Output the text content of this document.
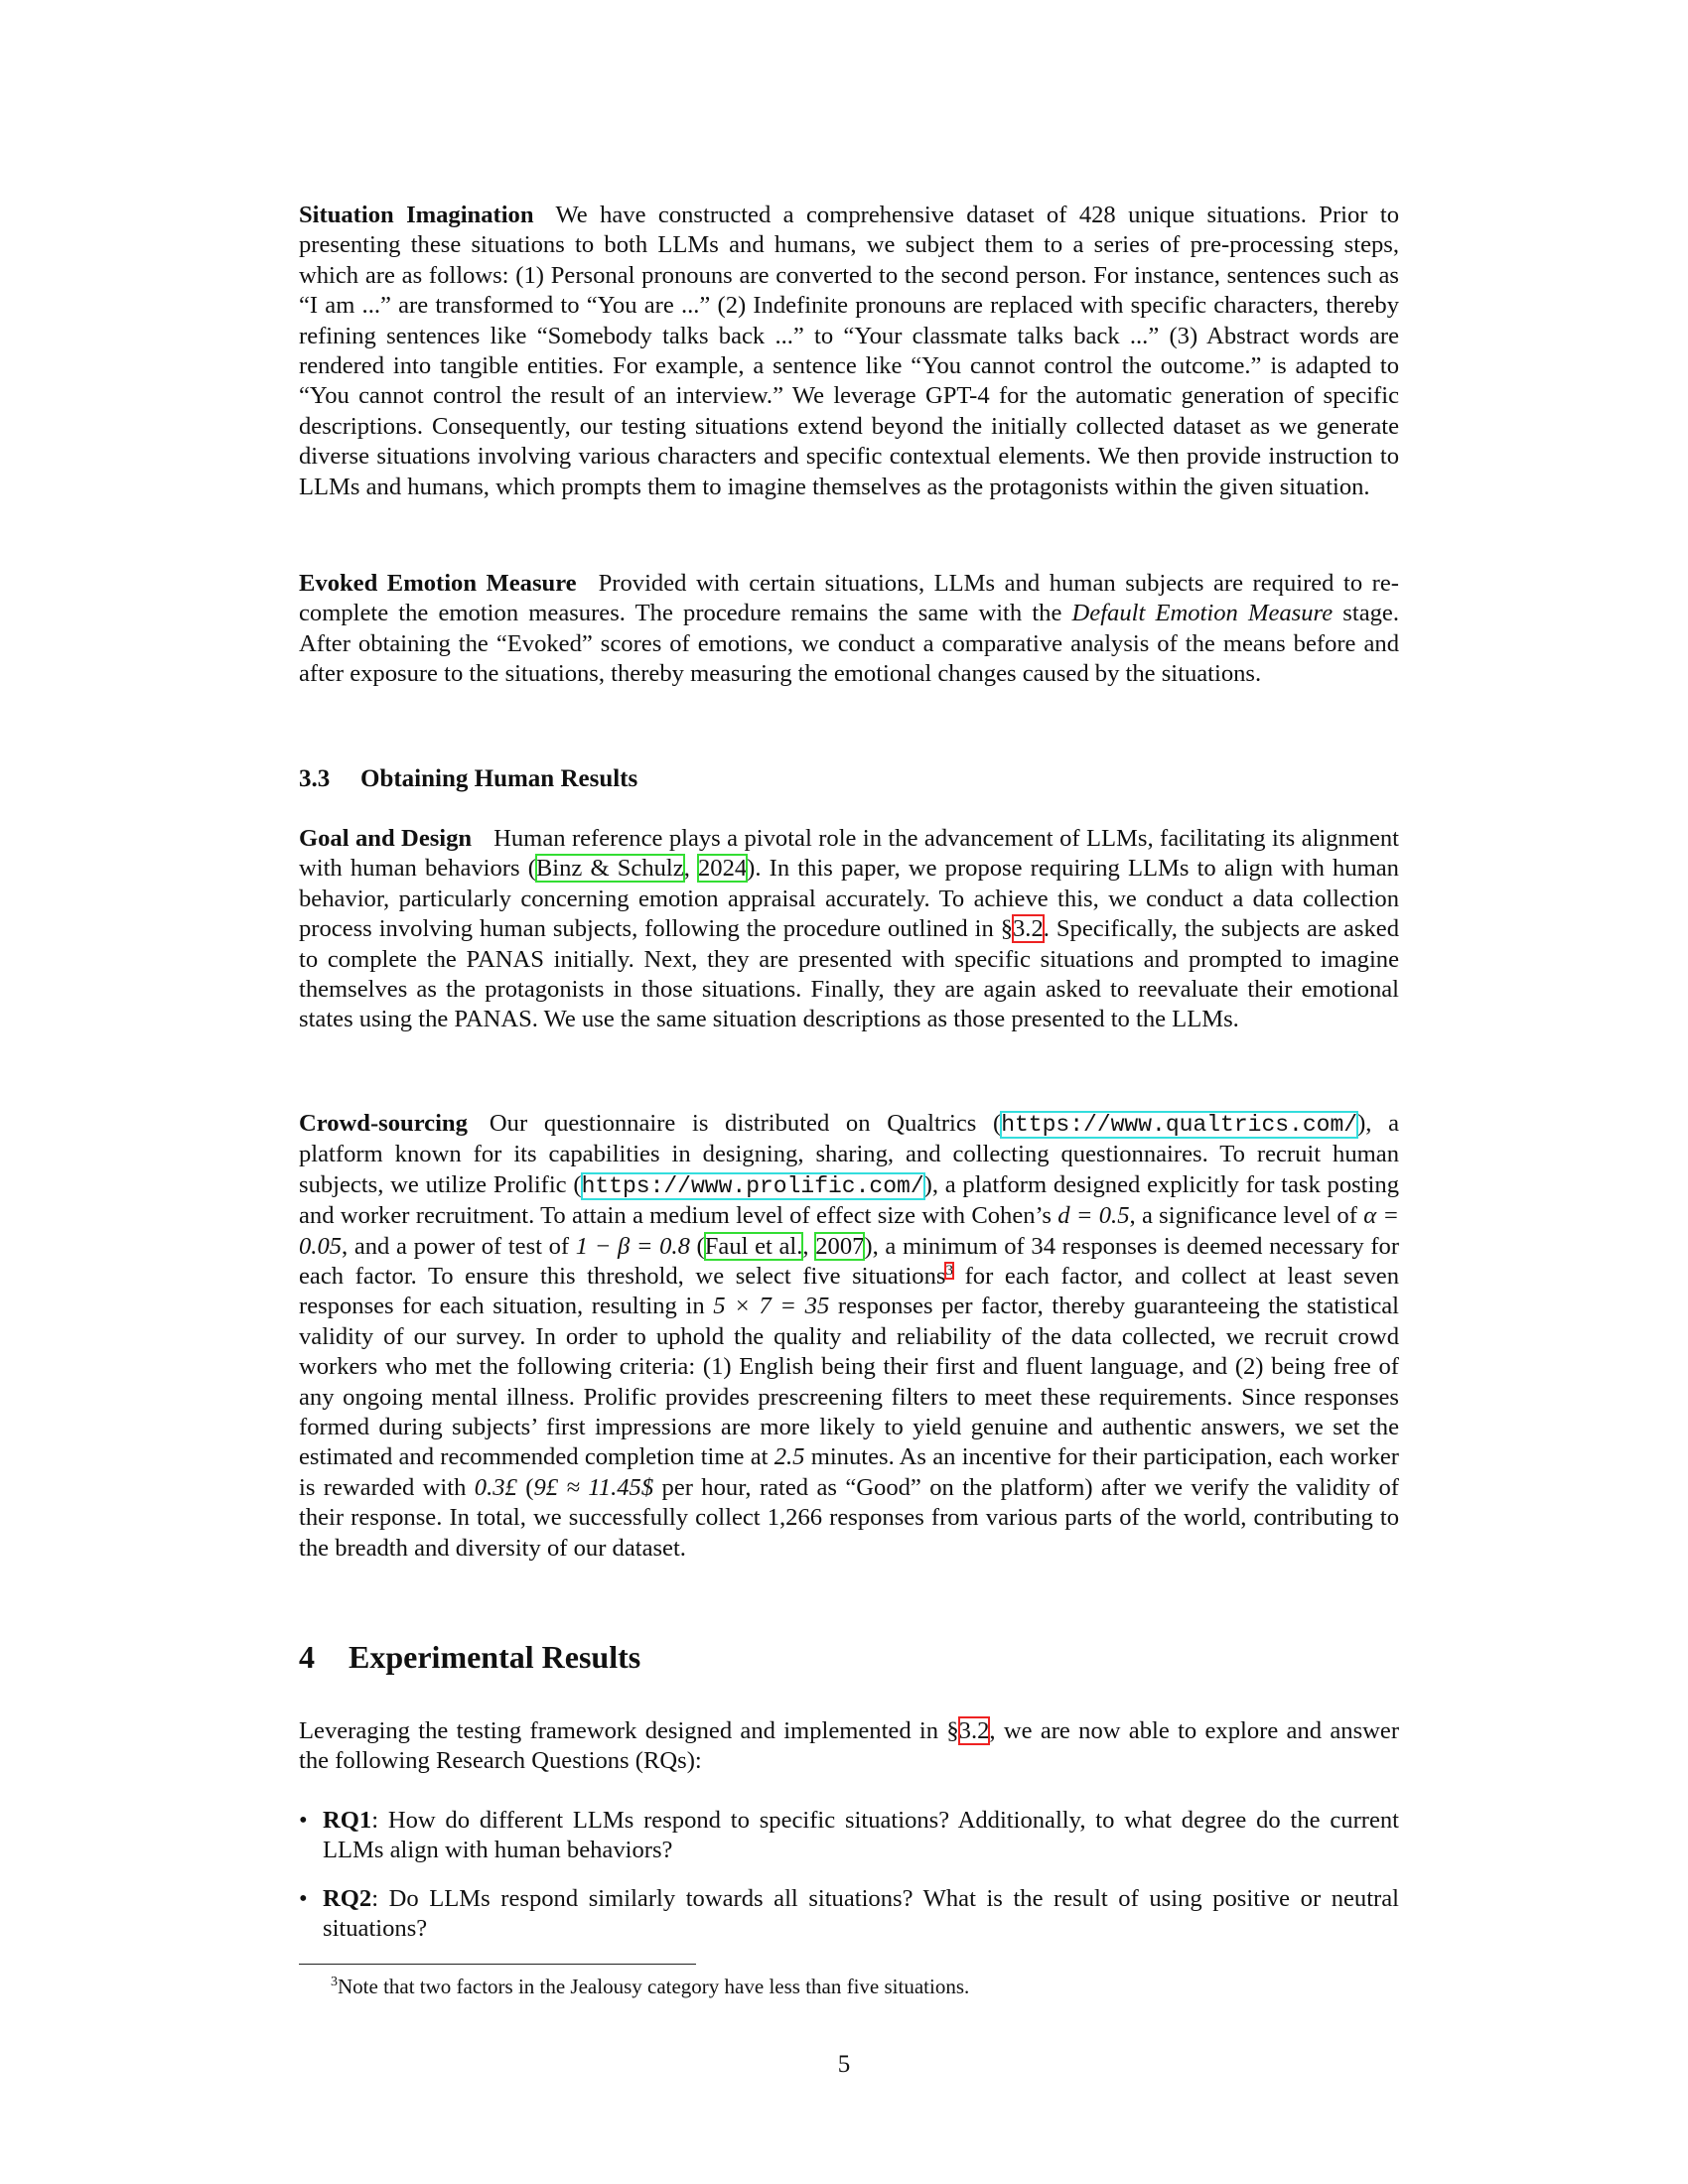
Situation Imagination We have constructed a comprehensive dataset of 428 unique situations. Prior to presenting these situations to both LLMs and humans, we subject them to a series of pre-processing steps, which are as follows: (1) Personal pronouns are converted to the second person. For instance, sentences such as “I am ...” are transformed to “You are ...” (2) Indefinite pronouns are replaced with specific characters, thereby refining sentences like “Somebody talks back ...” to “Your classmate talks back ...” (3) Abstract words are rendered into tangible entities. For example, a sentence like “You cannot control the outcome.” is adapted to “You cannot control the result of an interview.” We leverage GPT-4 for the automatic generation of specific descriptions. Consequently, our testing situations extend beyond the initially collected dataset as we generate diverse situations involving various characters and specific contextual elements. We then provide instruction to LLMs and humans, which prompts them to imagine themselves as the protagonists within the given situation.

Evoked Emotion Measure Provided with certain situations, LLMs and human subjects are required to re-complete the emotion measures. The procedure remains the same with the Default Emotion Measure stage. After obtaining the “Evoked” scores of emotions, we conduct a comparative analysis of the means before and after exposure to the situations, thereby measuring the emotional changes caused by the situations.

3.3 Obtaining Human Results

Goal and Design Human reference plays a pivotal role in the advancement of LLMs, facilitating its alignment with human behaviors (Binz & Schulz, 2024). In this paper, we propose requiring LLMs to align with human behavior, particularly concerning emotion appraisal accurately. To achieve this, we conduct a data collection process involving human subjects, following the procedure outlined in §3.2. Specifically, the subjects are asked to complete the PANAS initially. Next, they are presented with specific situations and prompted to imagine themselves as the protagonists in those situations. Finally, they are again asked to reevaluate their emotional states using the PANAS. We use the same situation descriptions as those presented to the LLMs.

Crowd-sourcing Our questionnaire is distributed on Qualtrics (https://www.qualtrics.com/), a platform known for its capabilities in designing, sharing, and collecting questionnaires. To recruit human subjects, we utilize Prolific (https://www.prolific.com/), a platform designed explicitly for task posting and worker recruitment. To attain a medium level of effect size with Cohen’s d = 0.5, a significance level of α = 0.05, and a power of test of 1 − β = 0.8 (Faul et al., 2007), a minimum of 34 responses is deemed necessary for each factor. To ensure this threshold, we select five situations$^3$ for each factor, and collect at least seven responses for each situation, resulting in 5 × 7 = 35 responses per factor, thereby guaranteeing the statistical validity of our survey. In order to uphold the quality and reliability of the data collected, we recruit crowd workers who met the following criteria: (1) English being their first and fluent language, and (2) being free of any ongoing mental illness. Prolific provides prescreening filters to meet these requirements. Since responses formed during subjects’ first impressions are more likely to yield genuine and authentic answers, we set the estimated and recommended completion time at 2.5 minutes. As an incentive for their participation, each worker is rewarded with 0.3£ (9£ ≈ 11.45$ per hour, rated as “Good” on the platform) after we verify the validity of their response. In total, we successfully collect 1,266 responses from various parts of the world, contributing to the breadth and diversity of our dataset.

4 Experimental Results

Leveraging the testing framework designed and implemented in §3.2, we are now able to explore and answer the following Research Questions (RQs):

• RQ1: How do different LLMs respond to specific situations? Additionally, to what degree do the current LLMs align with human behaviors?
• RQ2: Do LLMs respond similarly towards all situations? What is the result of using positive or neutral situations?
$^3$Note that two factors in the Jealousy category have less than five situations.
5
